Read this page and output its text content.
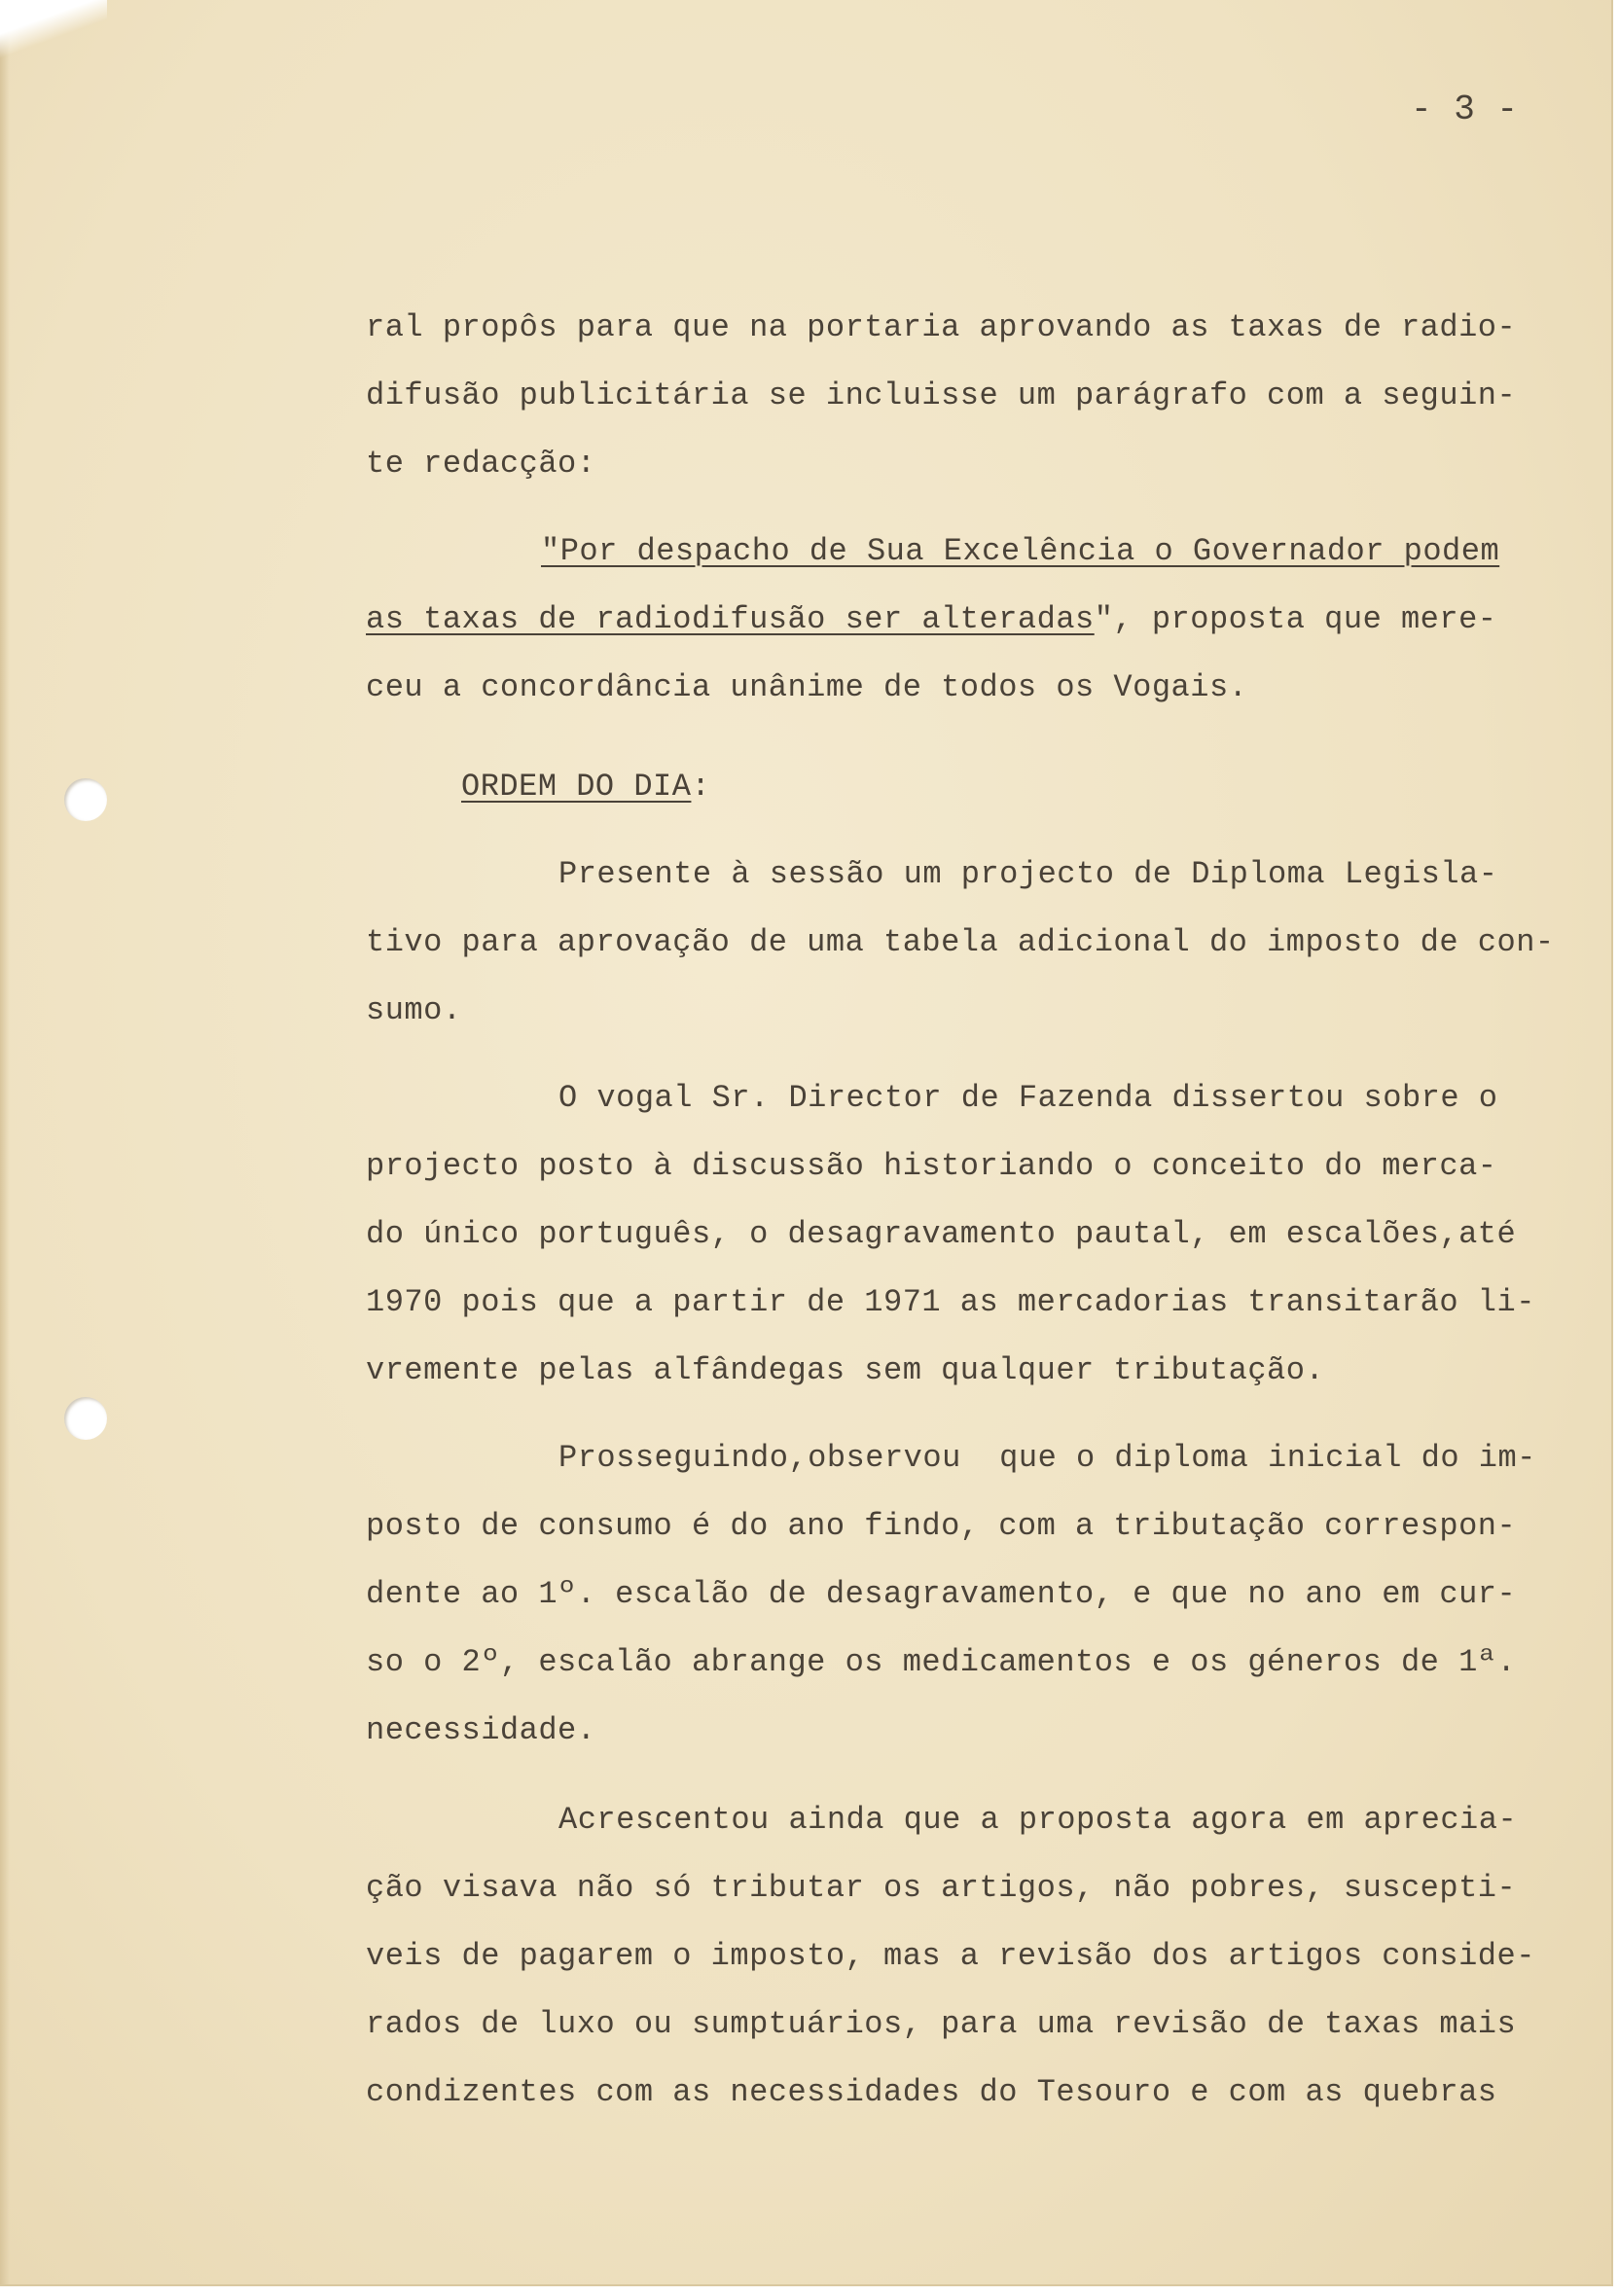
- 3 -
ral propôs para que na portaria aprovando as taxas de radio-
difusão publicitária se incluisse um parágrafo com a seguin-
te redacção:
"Por despacho de Sua Excelência o Governador podem
as taxas de radiodifusão ser alteradas", proposta que mere-
ceu a concordância unânime de todos os Vogais.
ORDEM DO DIA:
Presente à sessão um projecto de Diploma Legisla-
tivo para aprovação de uma tabela adicional do imposto de con-
sumo.
O vogal Sr. Director de Fazenda dissertou sobre o
projecto posto à discussão historiando o conceito do merca-
do único português, o desagravamento pautal, em escalões,até
1970 pois que a partir de 1971 as mercadorias transitarão li-
vremente pelas alfândegas sem qualquer tributação.
Prosseguindo,observou  que o diploma inicial do im-
posto de consumo é do ano findo, com a tributação correspon-
dente ao 1º. escalão de desagravamento, e que no ano em cur-
so o 2º, escalão abrange os medicamentos e os géneros de 1ª.
necessidade.
Acrescentou ainda que a proposta agora em aprecia-
ção visava não só tributar os artigos, não pobres, suscepti-
veis de pagarem o imposto, mas a revisão dos artigos conside-
rados de luxo ou sumptuários, para uma revisão de taxas mais
condizentes com as necessidades do Tesouro e com as quebras
